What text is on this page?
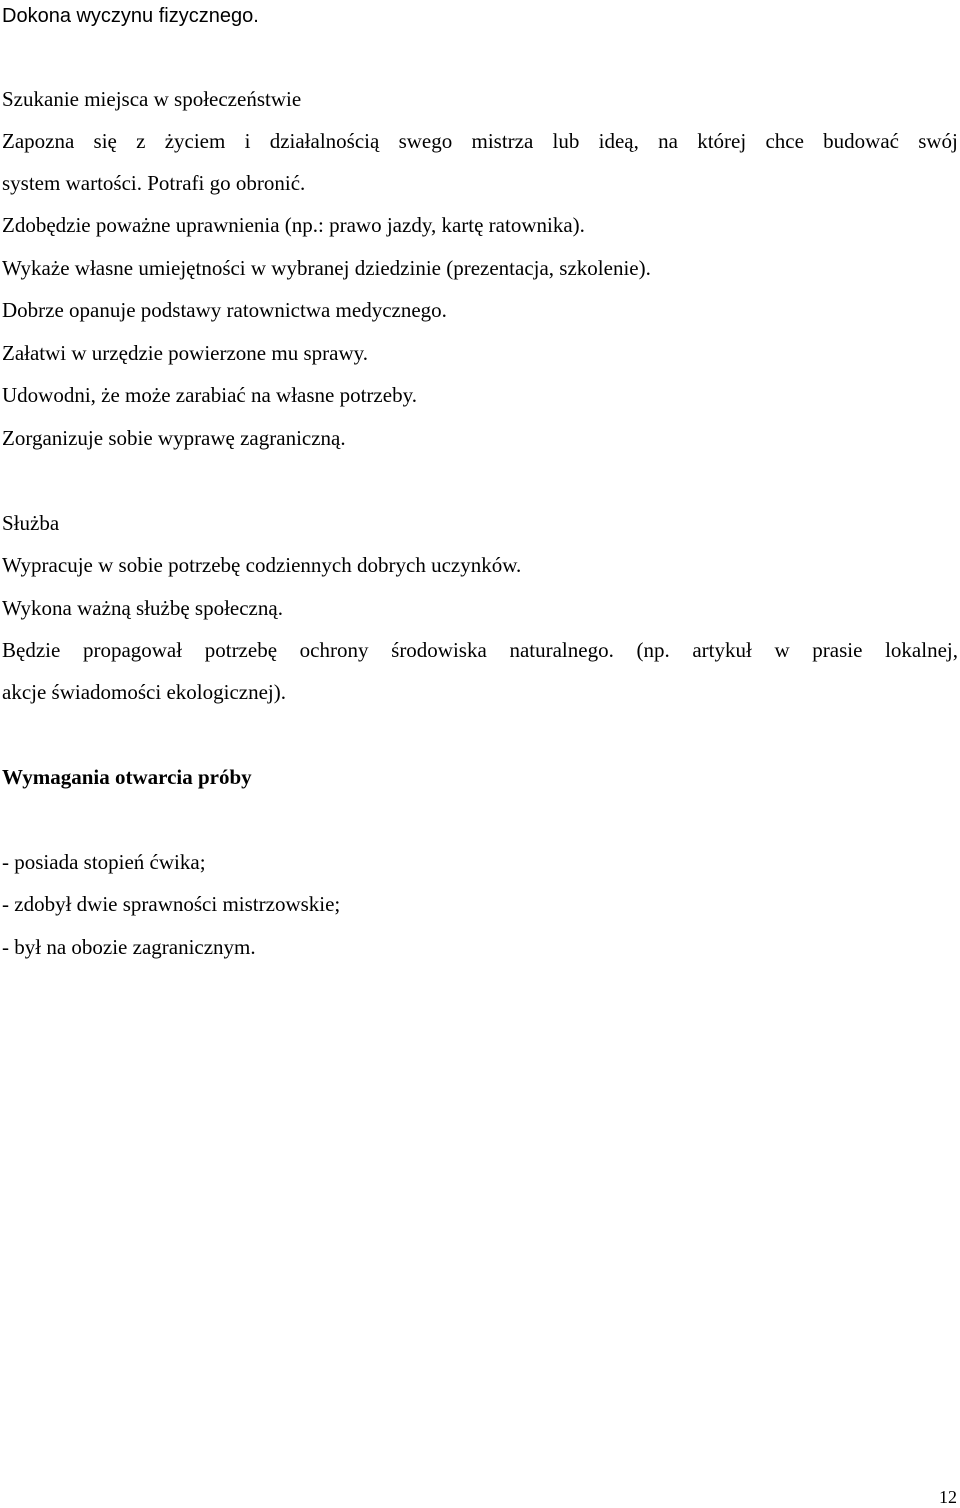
Dokona wyczynu fizycznego.

Szukanie miejsca w społeczeństwie

Zapozna się z życiem i działalnością swego mistrza lub ideą, na której chce budować swój

system wartości. Potrafi go obronić.

Zdobędzie poważne uprawnienia (np.: prawo jazdy, kartę ratownika).

Wykaże własne umiejętności w wybranej dziedzinie (prezentacja, szkolenie).

Dobrze opanuje podstawy ratownictwa medycznego.

Załatwi w urzędzie powierzone mu sprawy.

Udowodni, że może zarabiać na własne potrzeby.

Zorganizuje sobie wyprawę zagraniczną.

Służba

Wypracuje w sobie potrzebę codziennych dobrych uczynków.

Wykona ważną służbę społeczną.

Będzie propagował potrzebę ochrony środowiska naturalnego. (np. artykuł w prasie lokalnej,

akcje świadomości ekologicznej).

Wymagania otwarcia próby

- posiada stopień ćwika;

- zdobył dwie sprawności mistrzowskie;

- był na obozie zagranicznym.

12
